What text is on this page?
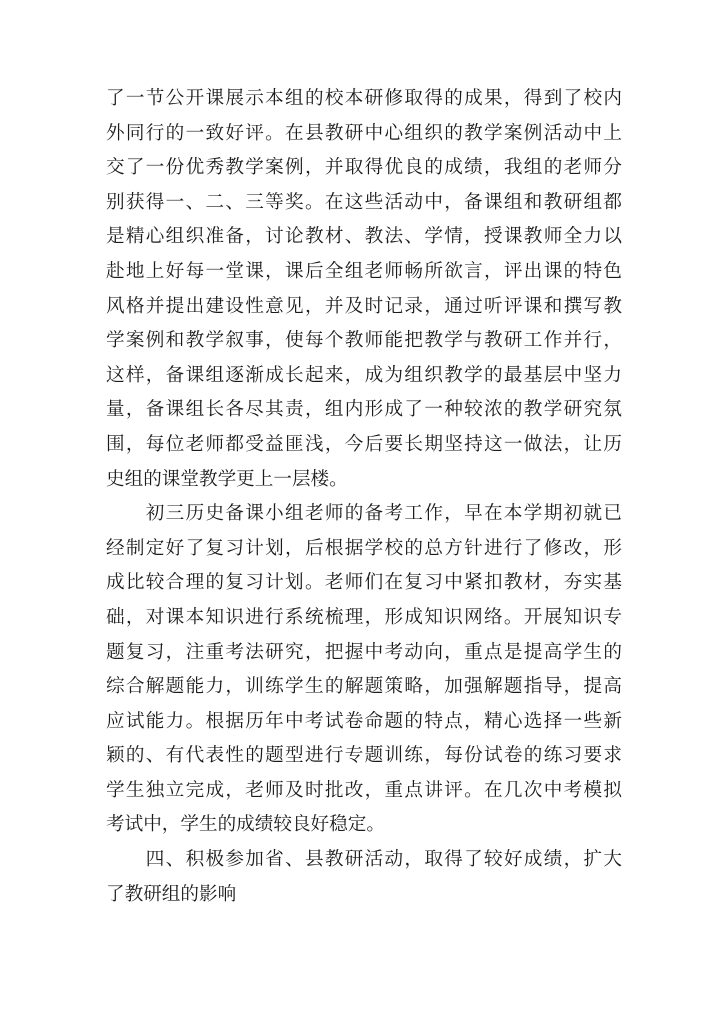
了一节公开课展示本组的校本研修取得的成果，得到了校内
外同行的一致好评。在县教研中心组织的教学案例活动中上
交了一份优秀教学案例，并取得优良的成绩，我组的老师分
别获得一、二、三等奖。在这些活动中，备课组和教研组都
是精心组织准备，讨论教材、教法、学情，授课教师全力以
赴地上好每一堂课，课后全组老师畅所欲言，评出课的特色
风格并提出建设性意见，并及时记录，通过听评课和撰写教
学案例和教学叙事，使每个教师能把教学与教研工作并行，
这样，备课组逐渐成长起来，成为组织教学的最基层中坚力
量，备课组长各尽其责，组内形成了一种较浓的教学研究氛
围，每位老师都受益匪浅，今后要长期坚持这一做法，让历
史组的课堂教学更上一层楼。
　　初三历史备课小组老师的备考工作，早在本学期初就已
经制定好了复习计划，后根据学校的总方针进行了修改，形
成比较合理的复习计划。老师们在复习中紧扣教材，夯实基
础，对课本知识进行系统梳理，形成知识网络。开展知识专
题复习，注重考法研究，把握中考动向，重点是提高学生的
综合解题能力，训练学生的解题策略，加强解题指导，提高
应试能力。根据历年中考试卷命题的特点，精心选择一些新
颖的、有代表性的题型进行专题训练，每份试卷的练习要求
学生独立完成，老师及时批改，重点讲评。在几次中考模拟
考试中，学生的成绩较良好稳定。
　　四、积极参加省、县教研活动，取得了较好成绩，扩大
了教研组的影响
